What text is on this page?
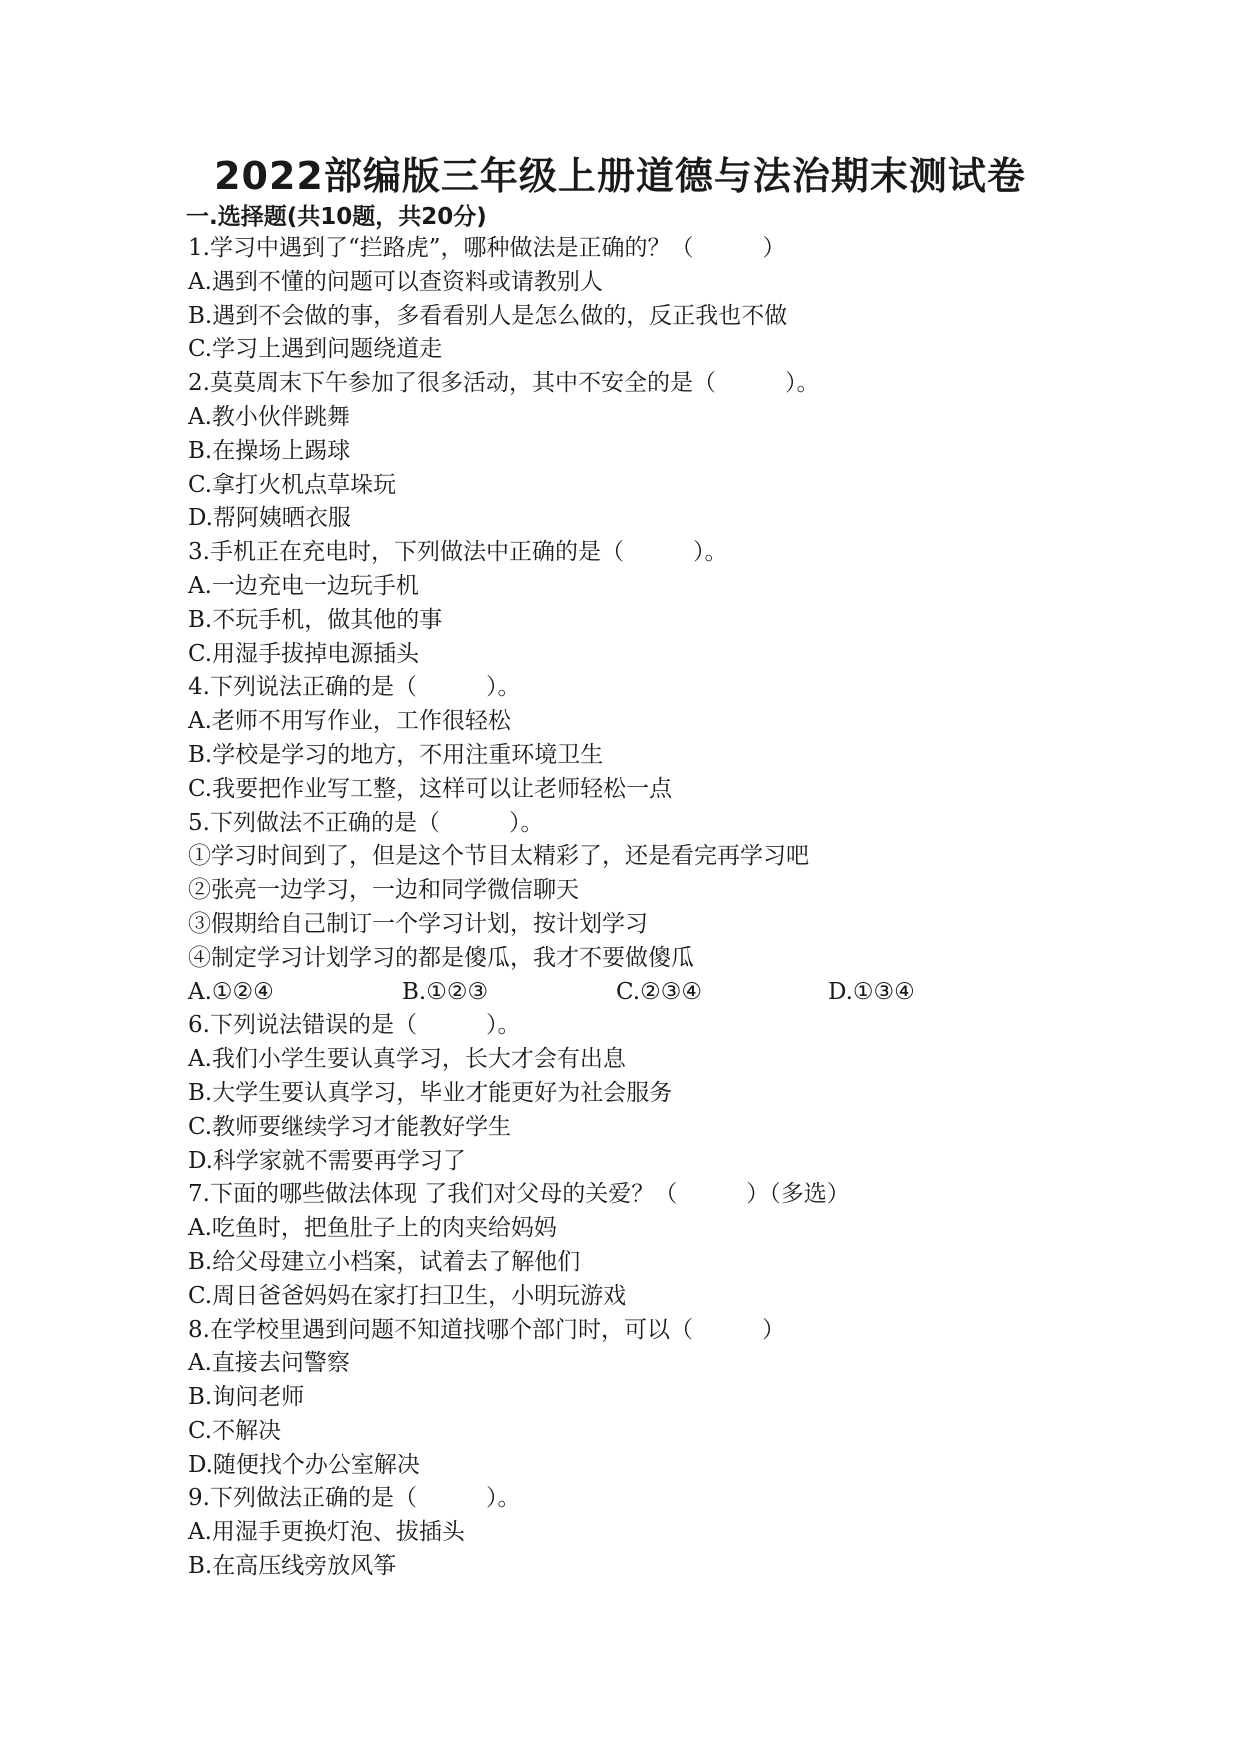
2022部编版三年级上册道德与法治期末测试卷
一.选择题(共10题，共20分)
1.学习中遇到了“拦路虎”，哪种做法是正确的？（　　　）
A.遇到不懂的问题可以查资料或请教别人
B.遇到不会做的事，多看看别人是怎么做的，反正我也不做
C.学习上遇到问题绕道走
2.莫莫周末下午参加了很多活动，其中不安全的是（　　　）。
A.教小伙伴跳舞
B.在操场上踢球
C.拿打火机点草垛玩
D.帮阿姨晒衣服
3.手机正在充电时，下列做法中正确的是（　　　）。
A.一边充电一边玩手机
B.不玩手机，做其他的事
C.用湿手拔掉电源插头
4.下列说法正确的是（　　　）。
A.老师不用写作业，工作很轻松
B.学校是学习的地方，不用注重环境卫生
C.我要把作业写工整，这样可以让老师轻松一点
5.下列做法不正确的是（　　　）。
①学习时间到了，但是这个节目太精彩了，还是看完再学习吧
②张亮一边学习，一边和同学微信聊天
③假期给自己制订一个学习计划，按计划学习
④制定学习计划学习的都是傻瓜，我才不要做傻瓜
A.①②④	B.①②③	C.②③④	D.①③④
6.下列说法错误的是（　　　）。
A.我们小学生要认真学习，长大才会有出息
B.大学生要认真学习，毕业才能更好为社会服务
C.教师要继续学习才能教好学生
D.科学家就不需要再学习了
7.下面的哪些做法体现 了我们对父母的关爱？（　　　）（多选）
A.吃鱼时，把鱼肚子上的肉夹给妈妈
B.给父母建立小档案，试着去了解他们
C.周日爸爸妈妈在家打扫卫生，小明玩游戏
8.在学校里遇到问题不知道找哪个部门时，可以（　　　）
A.直接去问警察
B.询问老师
C.不解决
D.随便找个办公室解决
9.下列做法正确的是（　　　）。
A.用湿手更换灯泡、拔插头
B.在高压线旁放风筝
